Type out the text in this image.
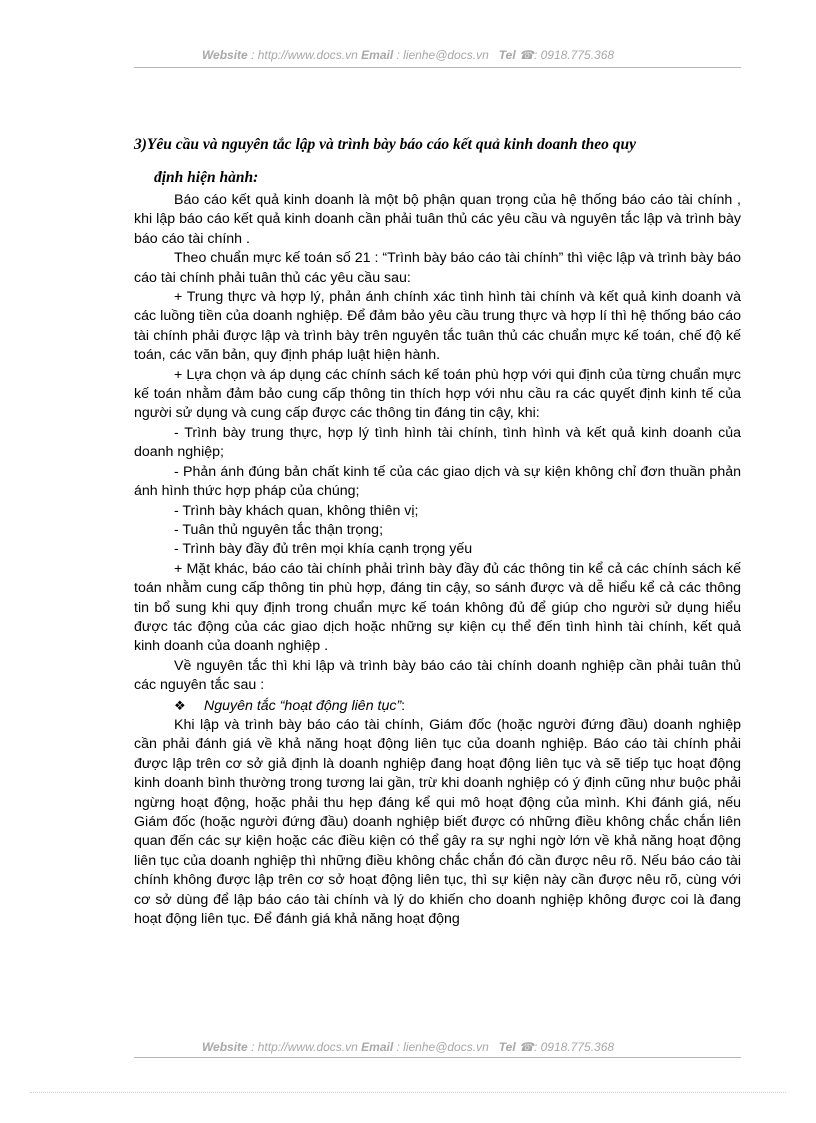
Website : http://www.docs.vn Email : lienhe@docs.vn Tel ☎: 0918.775.368
3)Yêu cầu và nguyên tắc lập và trình bày báo cáo kết quả kinh doanh theo quy
định hiện hành:

Báo cáo kết quả kinh doanh là một bộ phận quan trọng của hệ thống báo cáo tài chính , khi lập báo cáo kết quả kinh doanh cần phải tuân thủ các yêu cầu và nguyên tắc lập và trình bày báo cáo tài chính .

Theo chuẩn mực kế toán số 21 : “Trình bày báo cáo tài chính” thì việc lập và trình bày báo cáo tài chính phải tuân thủ các yêu cầu sau:

+ Trung thực và hợp lý, phản ánh chính xác tình hình tài chính và kết quả kinh doanh và các luồng tiền của doanh nghiệp. Để đảm bảo yêu cầu trung thực và hợp lí thì hệ thống báo cáo tài chính phải được lập và trình bày trên nguyên tắc tuân thủ các chuẩn mực kế toán, chế độ kế toán, các văn bản, quy định pháp luật hiện hành.

+ Lựa chọn và áp dụng các chính sách kế toán phù hợp với qui định của từng chuẩn mực kế toán nhằm đảm bảo cung cấp thông tin thích hợp với nhu cầu ra các quyết định kinh tế của người sử dụng và cung cấp được các thông tin đáng tin cậy, khi:

- Trình bày trung thực, hợp lý tình hình tài chính, tình hình và kết quả kinh doanh của doanh nghiệp;

- Phản ánh đúng bản chất kinh tế của các giao dịch và sự kiện không chỉ đơn thuần phản ánh hình thức hợp pháp của chúng;

- Trình bày khách quan, không thiên vị;

- Tuân thủ nguyên tắc thận trọng;

- Trình bày đầy đủ trên mọi khía cạnh trọng yếu

+ Mặt khác, báo cáo tài chính phải trình bày đầy đủ các thông tin kể cả các chính sách kế toán nhằm cung cấp thông tin phù hợp, đáng tin cậy, so sánh được và dễ hiểu kể cả các thông tin bổ sung khi quy định trong chuẩn mực kế toán không đủ để giúp cho người sử dụng hiểu được tác động của các giao dịch hoặc những sự kiện cụ thể đến tình hình tài chính, kết quả kinh doanh của doanh nghiệp .

Về nguyên tắc thì khi lập và trình bày báo cáo tài chính doanh nghiệp cần phải tuân thủ các nguyên tắc sau :

❖	Nguyên tắc “hoạt động liên tục” :

Khi lập và trình bày báo cáo tài chính, Giám đốc (hoặc người đứng đầu) doanh nghiệp cần phải đánh giá về khả năng hoạt động liên tục của doanh nghiệp. Báo cáo tài chính phải được lập trên cơ sở giả định là doanh nghiệp đang hoạt động liên tục và sẽ tiếp tục hoạt động kinh doanh bình thường trong tương lai gần, trừ khi doanh nghiệp có ý định cũng như buộc phải ngừng hoạt động, hoặc phải thu hẹp đáng kể qui mô hoạt động của mình. Khi đánh giá, nếu Giám đốc (hoặc người đứng đầu) doanh nghiệp biết được có những điều không chắc chắn liên quan đến các sự kiện hoặc các điều kiện có thể gây ra sự nghi ngờ lớn về khả năng hoạt động liên tục của doanh nghiệp thì những điều không chắc chắn đó cần được nêu rõ. Nếu báo cáo tài chính không được lập trên cơ sở hoạt động liên tục, thì sự kiện này cần được nêu rõ, cùng với cơ sở dùng để lập báo cáo tài chính và lý do khiến cho doanh nghiệp không được coi là đang hoạt động liên tục. Để đánh giá khả năng hoạt động

Website : http://www.docs.vn Email : lienhe@docs.vn Tel ☎: 0918.775.368
